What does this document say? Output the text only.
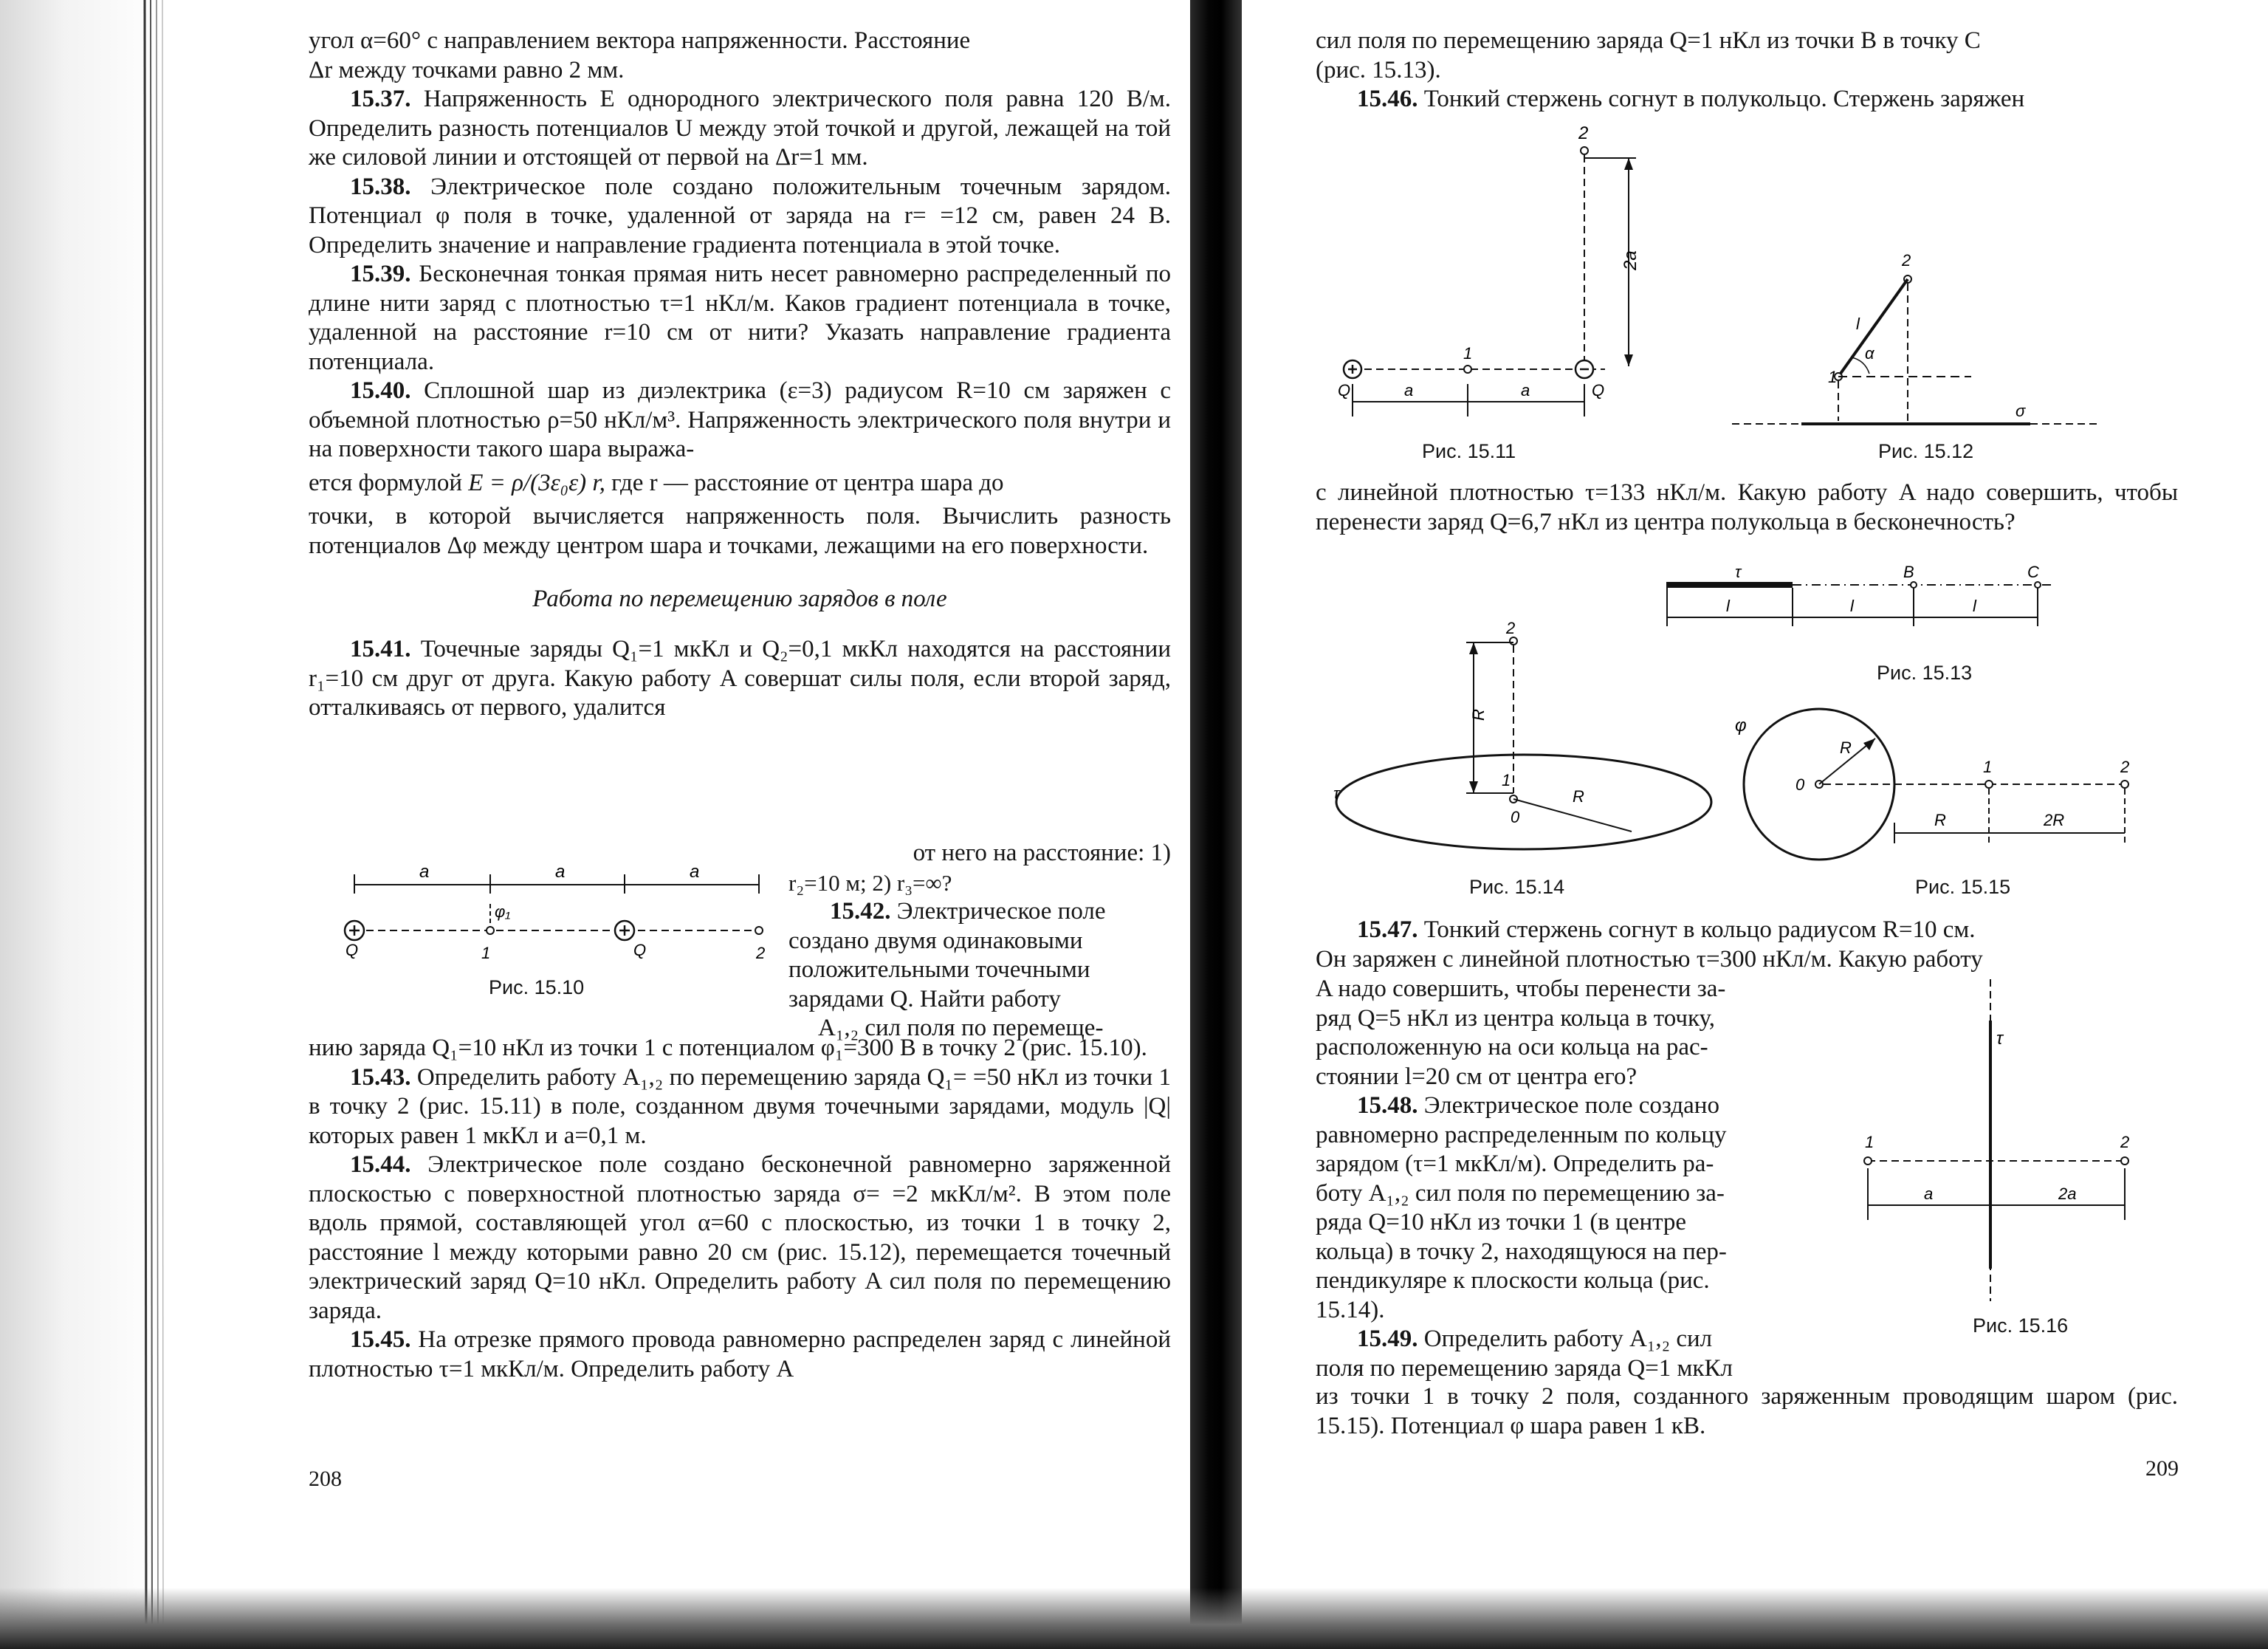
угол α=60° с направлением вектора напряженности. Расстояние

Δr между точками равно 2 мм.

15.37. Напряженность E однородного электрического поля равна 120 В/м. Определить разность потенциалов U между этой точкой и другой, лежащей на той же силовой линии и отстоящей от первой на Δr=1 мм.

15.38. Электрическое поле создано положительным точечным зарядом. Потенциал φ поля в точке, удаленной от заряда на r= =12 см, равен 24 В. Определить значение и направление градиента потенциала в этой точке.

15.39. Бесконечная тонкая прямая нить несет равномерно распределенный по длине нити заряд с плотностью τ=1 нКл/м. Каков градиент потенциала в точке, удаленной на расстояние r=10 см от нити? Указать направление градиента потенциала.

15.40. Сплошной шар из диэлектрика (ε=3) радиусом R=10 см заряжен с объемной плотностью ρ=50 нКл/м³. Напряженность электрического поля внутри и на поверхности такого шара выража-

ется формулой E = ρ/(3ε₀ε) r, где r — расстояние от центра шара до

точки, в которой вычисляется напряженность поля. Вычислить разность потенциалов Δφ между центром шара и точками, лежащими на его поверхности.

Работа по перемещению зарядов в поле

15.41. Точечные заряды Q₁=1 мкКл и Q₂=0,1 мкКл находятся на расстоянии r₁=10 см друг от друга. Какую работу A совершат силы поля, если второй заряд, отталкиваясь от первого, удалится

от него на расстояние: 1)

r₂=10 м; 2) r₃=∞?

15.42. Электрическое поле

создано двумя одинаковыми

положительными точечными

зарядами Q. Найти работу

A₁,₂ сил поля по перемеще-

a	a	a
φ₁
Q	1	Q	2
Рис. 15.10

нию заряда Q₁=10 нКл из точки 1 с потенциалом φ₁=300 В в точку 2 (рис. 15.10).

15.43. Определить работу A₁,₂ по перемещению заряда Q₁= =50 нКл из точки 1 в точку 2 (рис. 15.11) в поле, созданном двумя точечными зарядами, модуль |Q| которых равен 1 мкКл и a=0,1 м.

15.44. Электрическое поле создано бесконечной равномерно заряженной плоскостью с поверхностной плотностью заряда σ= =2 мкКл/м². В этом поле вдоль прямой, составляющей угол α=60 с плоскостью, из точки 1 в точку 2, расстояние l между которыми равно 20 см (рис. 15.12), перемещается точечный электрический заряд Q=10 нКл. Определить работу A сил поля по перемещению заряда.

15.45. На отрезке прямого провода равномерно распределен заряд с линейной плотностью τ=1 мкКл/м. Определить работу A

208

сил поля по перемещению заряда Q=1 нКл из точки B в точку C

(рис. 15.13).

15.46. Тонкий стержень согнут в полукольцо. Стержень заряжен

2
2a
1
Q	Q
a	a
Рис. 15.11
2
1
l
α
σ
Рис. 15.12

с линейной плотностью τ=133 нКл/м. Какую работу A надо совершить, чтобы перенести заряд Q=6,7 нКл из центра полукольца в бесконечность?

τ	B	C
l	l	l
Рис. 15.13
2
R
1
0
R
τ
Рис. 15.14
φ
0
R
1	2
R	2R
Рис. 15.15

15.47. Тонкий стержень согнут в кольцо радиусом R=10 см.

Он заряжен с линейной плотностью τ=300 нКл/м. Какую работу

A надо совершить, чтобы перенести за-

ряд Q=5 нКл из центра кольца в точку,

расположенную на оси кольца на рас-

стоянии l=20 см от центра его?

15.48. Электрическое поле создано

равномерно распределенным по кольцу

зарядом (τ=1 мкКл/м). Определить ра-

боту A₁,₂ сил поля по перемещению за-

ряда Q=10 нКл из точки 1 (в центре

кольца) в точку 2, находящуюся на пер-

пендикуляре к плоскости кольца (рис.

15.14).

15.49. Определить работу A₁,₂ сил

поля по перемещению заряда Q=1 мкКл

τ
1	2
a	2a
Рис. 15.16

из точки 1 в точку 2 поля, созданного заряженным проводящим шаром (рис. 15.15). Потенциал φ шара равен 1 кВ.

209
